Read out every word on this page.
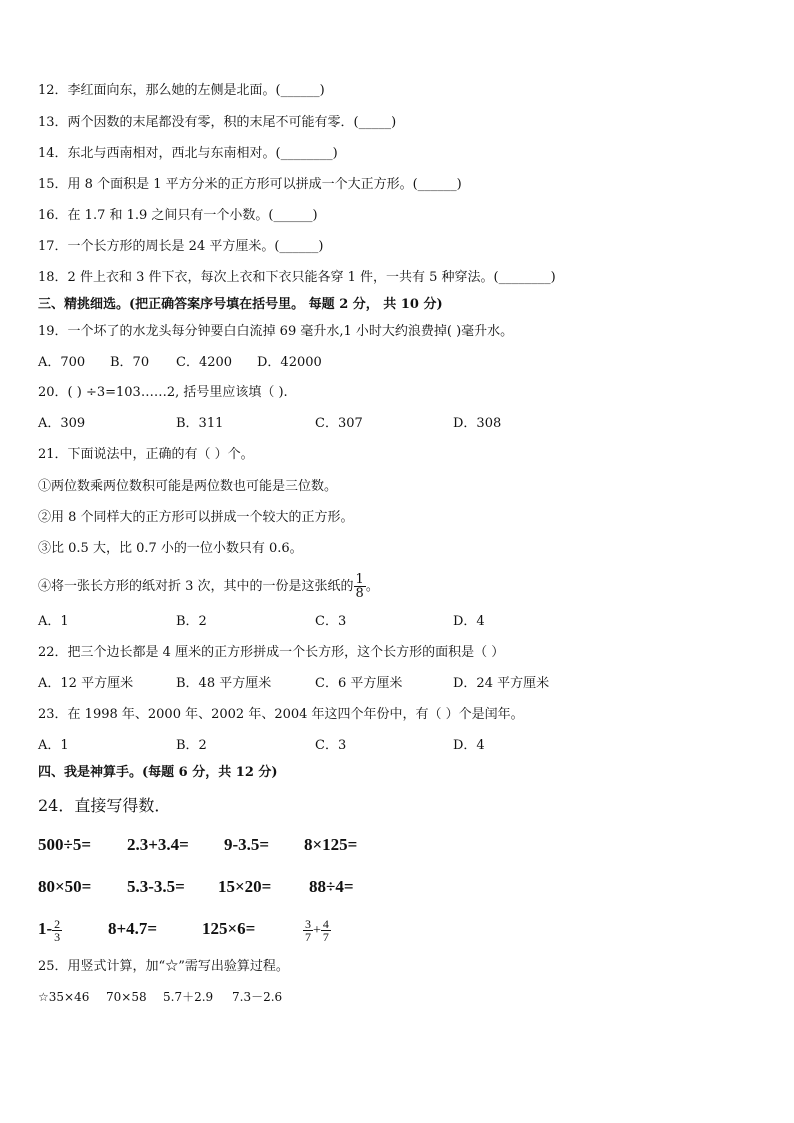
12．李红面向东，那么她的左侧是北面。(______)
13．两个因数的末尾都没有零，积的末尾不可能有零．(_____)
14．东北与西南相对，西北与东南相对。(________)
15．用 8 个面积是 1 平方分米的正方形可以拼成一个大正方形。(______)
16．在 1.7 和 1.9 之间只有一个小数。(______)
17．一个长方形的周长是 24 平方厘米。(______)
18．2 件上衣和 3 件下衣，每次上衣和下衣只能各穿 1 件，一共有 5 种穿法。(________)
三、精挑细选。(把正确答案序号填在括号里。 每题 2 分， 共 10 分)
19．一个坏了的水龙头每分钟要白白流掉 69 毫升水,1 小时大约浪费掉( )毫升水。
A．700 B．70 C．4200 D．42000
20．( ) ÷3=103……2, 括号里应该填（ ).
A．309	B．311	C．307	D．308
21．下面说法中，正确的有（ ）个。
①两位数乘两位数积可能是两位数也可能是三位数。
②用 8 个同样大的正方形可以拼成一个较大的正方形。
③比 0.5 大，比 0.7 小的一位小数只有 0.6。
④将一张长方形的纸对折 3 次，其中的一份是这张纸的 $\frac{1}{8}$ 。
A．1	B．2	C．3	D．4
22．把三个边长都是 4 厘米的正方形拼成一个长方形，这个长方形的面积是（ ）
A．12 平方厘米	B．48 平方厘米	C．6 平方厘米	D．24 平方厘米
23．在 1998 年、2000 年、2002 年、2004 年这四个年份中，有（ ）个是闰年。
A．1	B．2	C．3	D．4
四、我是神算手。(每题 6 分，共 12 分)
24．直接写得数．
500÷5= 2.3+3.4= 9-3.5= 8×125=
80×50= 5.3-3.5= 15×20= 88÷4=
$1- \frac{2}{3}$	8+4.7=	125×6=	$\frac{3}{7} + \frac{4}{7}$
25．用竖式计算，加“☆”需写出验算过程。
☆35×46 70×58 5.7＋2.9 7.3－2.6
